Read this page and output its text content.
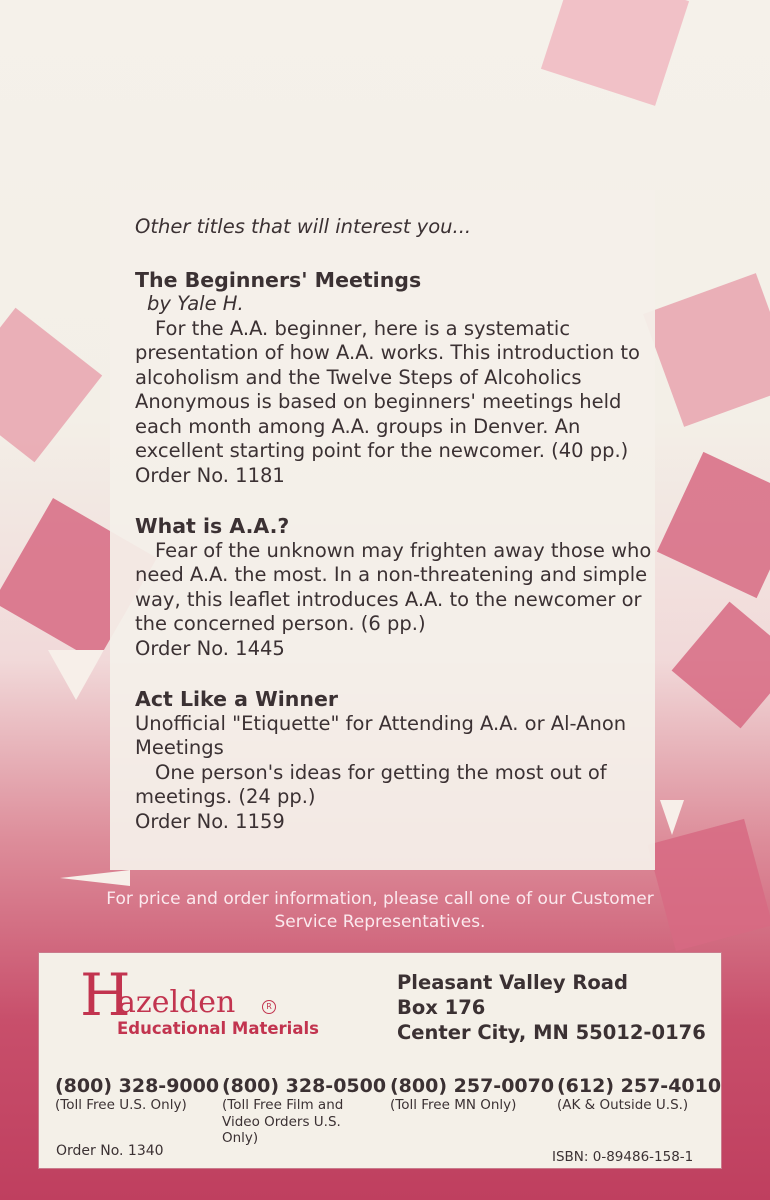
Other titles that will interest you...
The Beginners' Meetings
by Yale H.
For the A.A. beginner, here is a systematic presentation of how A.A. works. This introduction to alcoholism and the Twelve Steps of Alcoholics Anonymous is based on beginners' meetings held each month among A.A. groups in Denver. An excellent starting point for the newcomer. (40 pp.)
Order No. 1181
What is A.A.?
Fear of the unknown may frighten away those who need A.A. the most. In a non-threatening and simple way, this leaflet introduces A.A. to the newcomer or the concerned person. (6 pp.)
Order No. 1445
Act Like a Winner
Unofficial "Etiquette" for Attending A.A. or Al-Anon Meetings
One person's ideas for getting the most out of meetings. (24 pp.)
Order No. 1159
For price and order information, please call one of our Customer Service Representatives.
H
azelden	R
Educational Materials
Pleasant Valley Road
Box 176
Center City, MN 55012-0176
(800) 328-9000
(Toll Free U.S. Only)
(800) 328-0500
(Toll Free Film and Video Orders U.S. Only)
(800) 257-0070
(Toll Free MN Only)
(612) 257-4010
(AK & Outside U.S.)
Order No. 1340	ISBN: 0-89486-158-1
